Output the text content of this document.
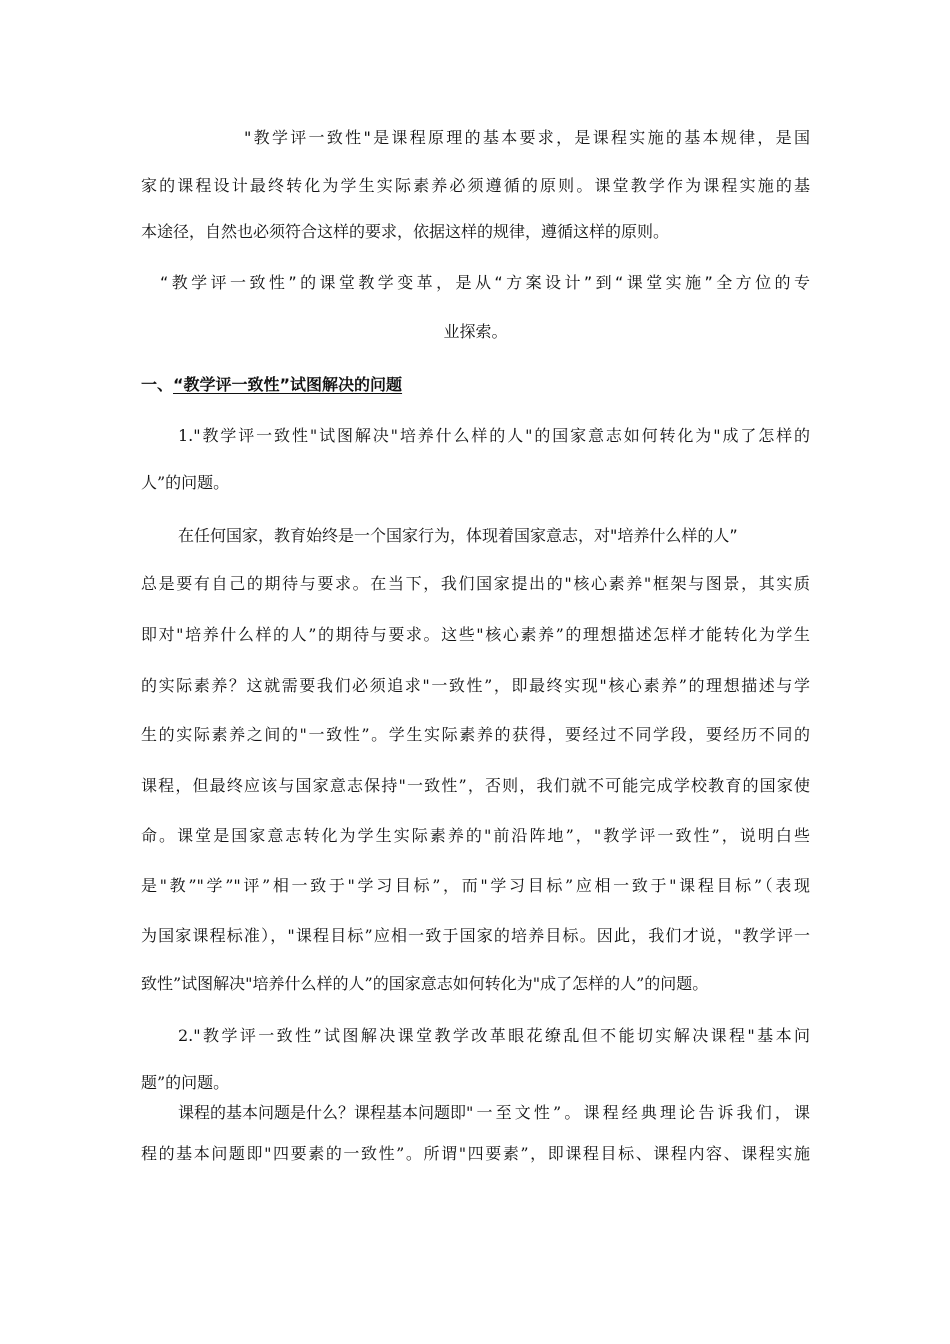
"教学评一致性"是课程原理的基本要求，是课程实施的基本规律，是国
家的课程设计最终转化为学生实际素养必须遵循的原则。课堂教学作为课程实施的基
本途径，自然也必须符合这样的要求，依据这样的规律，遵循这样的原则。
“教学评一致性”的课堂教学变革，是从“方案设计”到“课堂实施”全方位的专
业探索。
一、“教学评一致性”试图解决的问题
1."教学评一致性"试图解决"培养什么样的人"的国家意志如何转化为"成了怎样的
人”的问题。
在任何国家，教育始终是一个国家行为，体现着国家意志，对"培养什么样的人”
总是要有自己的期待与要求。在当下，我们国家提出的"核心素养"框架与图景，其实质
即对"培养什么样的人”的期待与要求。这些"核心素养”的理想描述怎样才能转化为学生
的实际素养？这就需要我们必须追求"一致性”，即最终实现"核心素养”的理想描述与学
生的实际素养之间的"一致性”。学生实际素养的获得，要经过不同学段，要经历不同的
课程，但最终应该与国家意志保持"一致性”，否则，我们就不可能完成学校教育的国家使
命。课堂是国家意志转化为学生实际素养的"前沿阵地”，"教学评一致性”，说明白些
是"教”"学”"评”相一致于"学习目标”，而"学习目标”应相一致于"课程目标”（表现
为国家课程标准），"课程目标”应相一致于国家的培养目标。因此，我们才说，"教学评一
致性”试图解决"培养什么样的人”的国家意志如何转化为"成了怎样的人”的问题。
2."教学评一致性”试图解决课堂教学改革眼花缭乱但不能切实解决课程"基本问
题”的问题。
课程的基本问题是什么？课程基本问题即 "一至文性”。课程经典理论告诉我们，课
程的基本问题即"四要素的一致性”。所谓"四要素”，即课程目标、课程内容、课程实施
